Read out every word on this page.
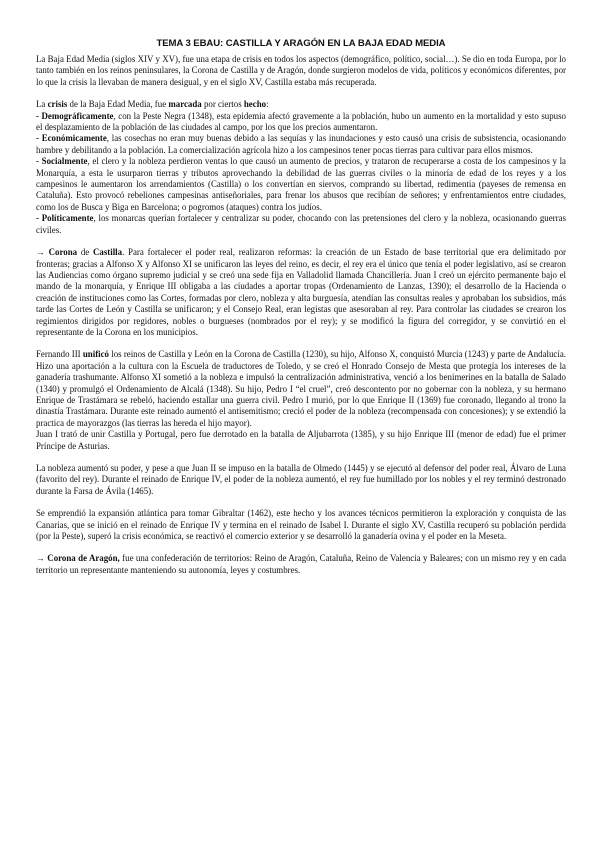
TEMA 3 EBAU: CASTILLA Y ARAGÓN EN LA BAJA EDAD MEDIA

La Baja Edad Media (siglos XIV y XV), fue una etapa de crisis en todos los aspectos (demográfico, político, social…). Se dio en toda Europa, por lo tanto también en los reinos peninsulares, la Corona de Castilla y de Aragón, donde surgieron modelos de vida, políticos y económicos diferentes, por lo que la crisis la llevaban de manera desigual, y en el siglo XV, Castilla estaba más recuperada.

La crisis de la Baja Edad Media, fue marcada por ciertos hecho:

- Demográficamente, con la Peste Negra (1348), esta epidemia afectó gravemente a la población, hubo un aumento en la mortalidad y esto supuso el desplazamiento de la población de las ciudades al campo, por los que los precios aumentaron.

- Económicamente, las cosechas no eran muy buenas debido a las sequías y las inundaciones y esto causó una crisis de subsistencia, ocasionando hambre y debilitando a la población. La comercialización agrícola hizo a los campesinos tener pocas tierras para cultivar para ellos mismos.

- Socialmente, el clero y la nobleza perdieron ventas lo que causó un aumento de precios, y trataron de recuperarse a costa de los campesinos y la Monarquía, a esta le usurparon tierras y tributos aprovechando la debilidad de las guerras civiles o la minoría de edad de los reyes y a los campesinos le aumentaron los arrendamientos (Castilla) o los convertían en siervos, comprando su libertad, redimentia (payeses de remensa en Cataluña). Esto provocó rebeliones campesinas antiseñoriales, para frenar los abusos que recibían de señores; y enfrentamientos entre ciudades, como los de Busca y Biga en Barcelona; o pogromos (ataques) contra los judíos.

- Políticamente, los monarcas querían fortalecer y centralizar su poder, chocando con las pretensiones del clero y la nobleza, ocasionando guerras civiles.

→ Corona de Castilla. Para fortalecer el poder real, realizaron reformas: la creación de un Estado de base territorial que era delimitado por fronteras; gracias a Alfonso X y Alfonso XI se unificaron las leyes del reino, es decir, el rey era el único que tenía el poder legislativo, así se crearon las Audiencias como órgano supremo judicial y se creó una sede fija en Valladolid llamada Chancillería. Juan I creó un ejército permanente bajo el mando de la monarquía, y Enrique III obligaba a las ciudades a aportar tropas (Ordenamiento de Lanzas, 1390); el desarrollo de la Hacienda o creación de instituciones como las Cortes, formadas por clero, nobleza y alta burguesía, atendían las consultas reales y aprobaban los subsidios, más tarde las Cortes de León y Castilla se unificaron; y el Consejo Real, eran legistas que asesoraban al rey. Para controlar las ciudades se crearon los regimientos dirigidos por regidores, nobles o burgueses (nombrados por el rey); y se modificó la figura del corregidor, y se convirtió en el representante de la Corona en los municipios.

Fernando III unificó los reinos de Castilla y León en la Corona de Castilla (1230), su hijo, Alfonso X, conquistó Murcia (1243) y parte de Andalucía. Hizo una aportación a la cultura con la Escuela de traductores de Toledo, y se creó el Honrado Consejo de Mesta que protegía los intereses de la ganadería trashumante. Alfonso XI sometió a la nobleza e impulsó la centralización administrativa, venció a los benimerines en la batalla de Salado (1340) y promulgó el Ordenamiento de Alcalá (1348). Su hijo, Pedro I “el cruel”, creó descontento por no gobernar con la nobleza, y su hermano Enrique de Trastámara se rebeló, haciendo estallar una guerra civil. Pedro I murió, por lo que Enrique II (1369) fue coronado, llegando al trono la dinastía Trastámara. Durante este reinado aumentó el antisemitismo; creció el poder de la nobleza (recompensada con concesiones); y se extendió la practica de mayorazgos (las tierras las hereda el hijo mayor).

Juan I trató de unir Castilla y Portugal, pero fue derrotado en la batalla de Aljubarrota (1385), y su hijo Enrique III (menor de edad) fue el primer Príncipe de Asturias.

La nobleza aumentó su poder, y pese a que Juan II se impuso en la batalla de Olmedo (1445) y se ejecutó al defensor del poder real, Álvaro de Luna (favorito del rey). Durante el reinado de Enrique IV, el poder de la nobleza aumentó, el rey fue humillado por los nobles y el rey terminó destronado durante la Farsa de Ávila (1465).

Se emprendió la expansión atlántica para tomar Gibraltar (1462), este hecho y los avances técnicos permitieron la exploración y conquista de las Canarias, que se inició en el reinado de Enrique IV y termina en el reinado de Isabel I. Durante el siglo XV, Castilla recuperó su población perdida (por la Peste), superó la crisis económica, se reactivó el comercio exterior y se desarrolló la ganadería ovina y el poder en la Meseta.

→ Corona de Aragón, fue una confederación de territorios: Reino de Aragón, Cataluña, Reino de Valencia y Baleares; con un mismo rey y en cada territorio un representante manteniendo su autonomía, leyes y costumbres.
